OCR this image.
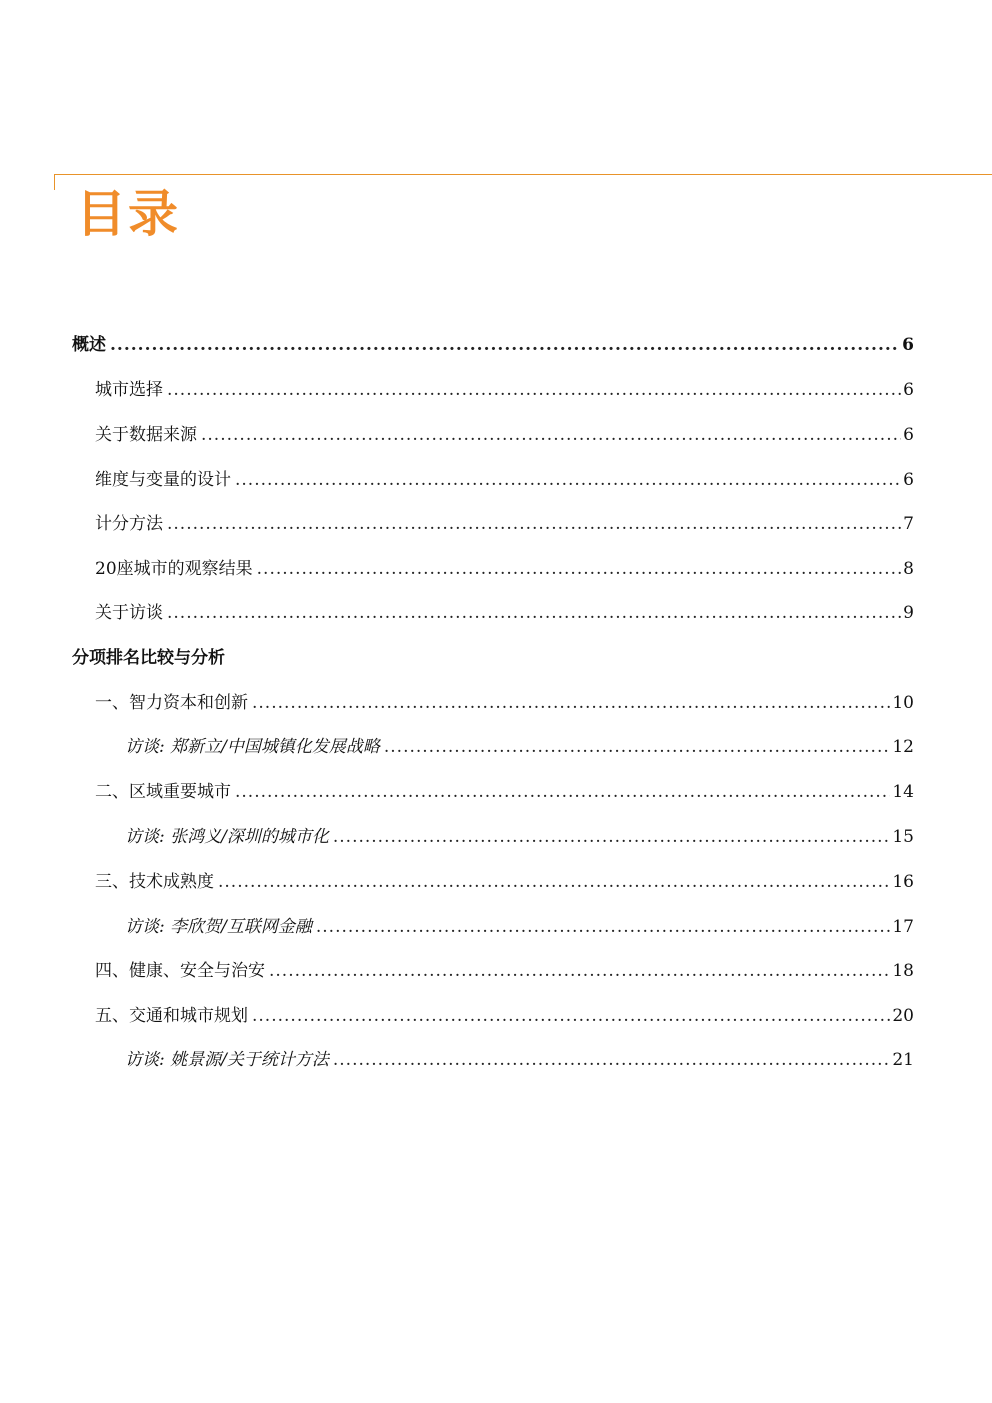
目录
概述 .....	6
城市选择 .....	6
关于数据来源 .....	6
维度与变量的设计 .....	6
计分方法 .....	7
20座城市的观察结果 .....	8
关于访谈 .....	9
分项排名比较与分析
一、智力资本和创新 .....	10
访谈: 郑新立/中国城镇化发展战略 .....	12
二、区域重要城市 .....	14
访谈: 张鸿义/深圳的城市化 .....	15
三、技术成熟度 .....	16
访谈: 李欣贺/互联网金融 .....	17
四、健康、安全与治安 .....	18
五、交通和城市规划 .....	20
访谈: 姚景源/关于统计方法 .....	21
